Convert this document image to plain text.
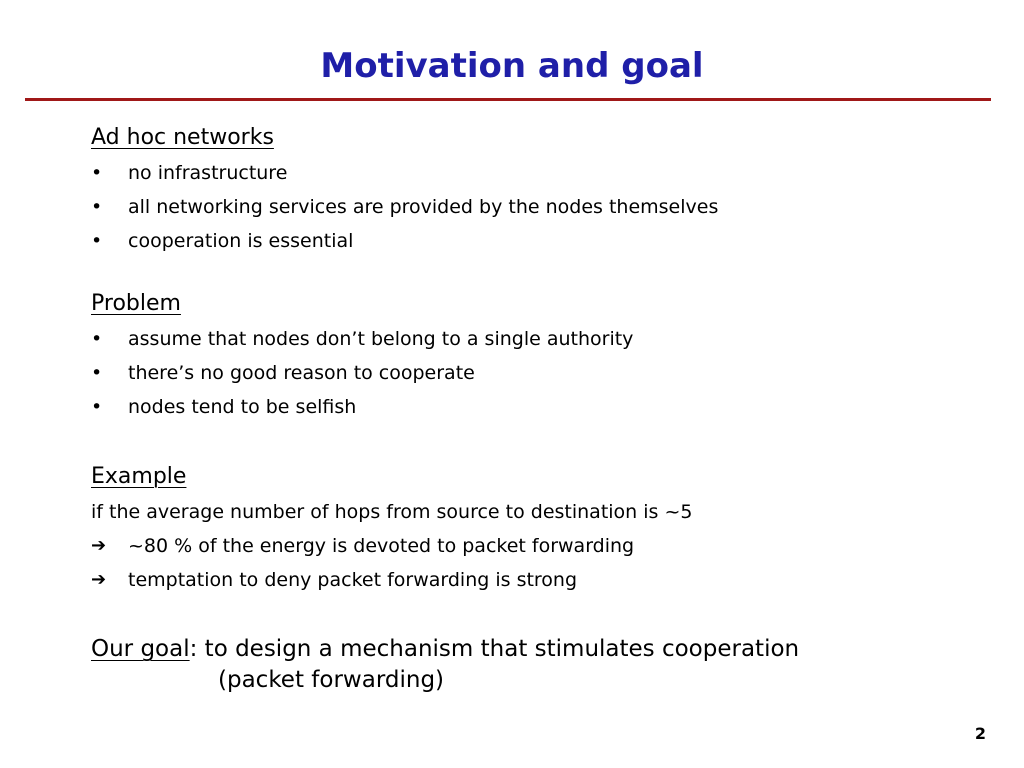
Motivation and goal
Ad hoc networks
•	no infrastructure
•	all networking services are provided by the nodes themselves
•	cooperation is essential
Problem
•	assume that nodes don’t belong to a single authority
•	there’s no good reason to cooperate
•	nodes tend to be selfish
Example
if the average number of hops from source to destination is ~5
➔ ~80 % of the energy is devoted to packet forwarding
➔ temptation to deny packet forwarding is strong
Our goal: to design a mechanism that stimulates cooperation
(packet forwarding)
2
